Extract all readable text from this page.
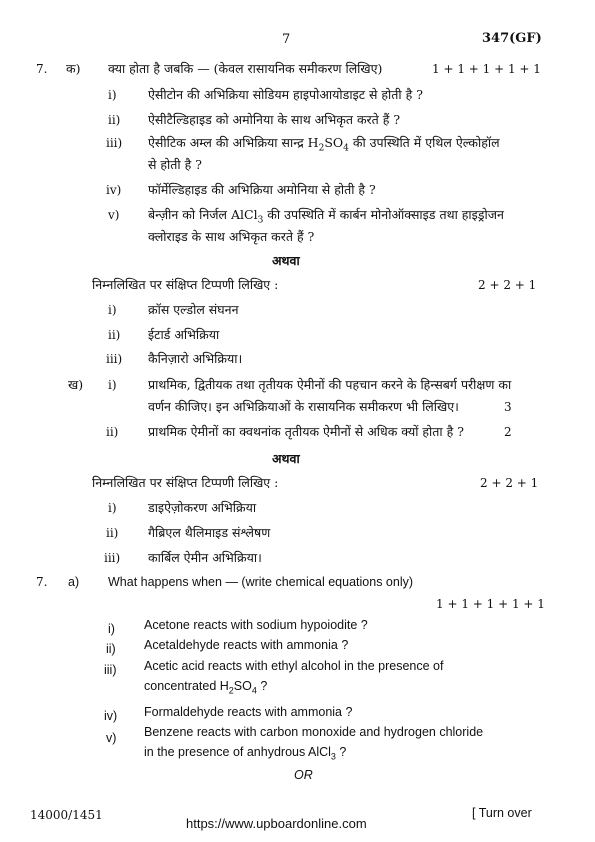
7	347(GF)
7. क) क्या होता है जबकि — (केवल रासायनिक समीकरण लिखिए)	1 + 1 + 1 + 1 + 1
i)	ऐसीटोन की अभिक्रिया सोडियम हाइपोआयोडाइट से होती है ?
ii) ऐसीटैल्डिहाइड को अमोनिया के साथ अभिकृत करते हैं ?
iii) ऐसीटिक अम्ल की अभिक्रिया सान्द्र $H_2SO_4$ की उपस्थिति में एथिल ऐल्कोहॉल
से होती है ?
iv) फॉर्मेल्डिहाइड की अभिक्रिया अमोनिया से होती है ?
v) बेन्ज़ीन को निर्जल AlCl$_3$ की उपस्थिति में कार्बन मोनोऑक्साइड तथा हाइड्रोजन
क्लोराइड के साथ अभिकृत करते हैं ?
अथवा
निम्नलिखित पर संक्षिप्त टिप्पणी लिखिए :	2 + 2 + 1
i)	क्रॉस एल्डोल संघनन
ii) ईटार्ड अभिक्रिया
iii) कैनिज़ारो अभिक्रिया।
ख) i)	प्राथमिक, द्वितीयक तथा तृतीयक ऐमीनों की पहचान करने के हिन्सबर्ग परीक्षण का
वर्णन कीजिए। इन अभिक्रियाओं के रासायनिक समीकरण भी लिखिए।	3
ii) प्राथमिक ऐमीनों का क्वथनांक तृतीयक ऐमीनों से अधिक क्यों होता है ?	2
अथवा
निम्नलिखित पर संक्षिप्त टिप्पणी लिखिए :	2 + 2 + 1
i)	डाइऐज़ोकरण अभिक्रिया
ii) गैब्रिएल थैलिमाइड संश्लेषण
iii) कार्बिल ऐमीन अभिक्रिया।
7. a) What happens when — (write chemical equations only)
1 + 1 + 1 + 1 + 1
i) Acetone reacts with sodium hypoiodite ?
ii) Acetaldehyde reacts with ammonia ?
iii) Acetic acid reacts with ethyl alcohol in the presence of
concentrated $H_2SO_4$ ?
iv) Formaldehyde reacts with ammonia ?
v) Benzene reacts with carbon monoxide and hydrogen chloride
in the presence of anhydrous AlCl$_3$ ?
OR
14000/1451
https://www.upboardonline.com
[ Turn over
